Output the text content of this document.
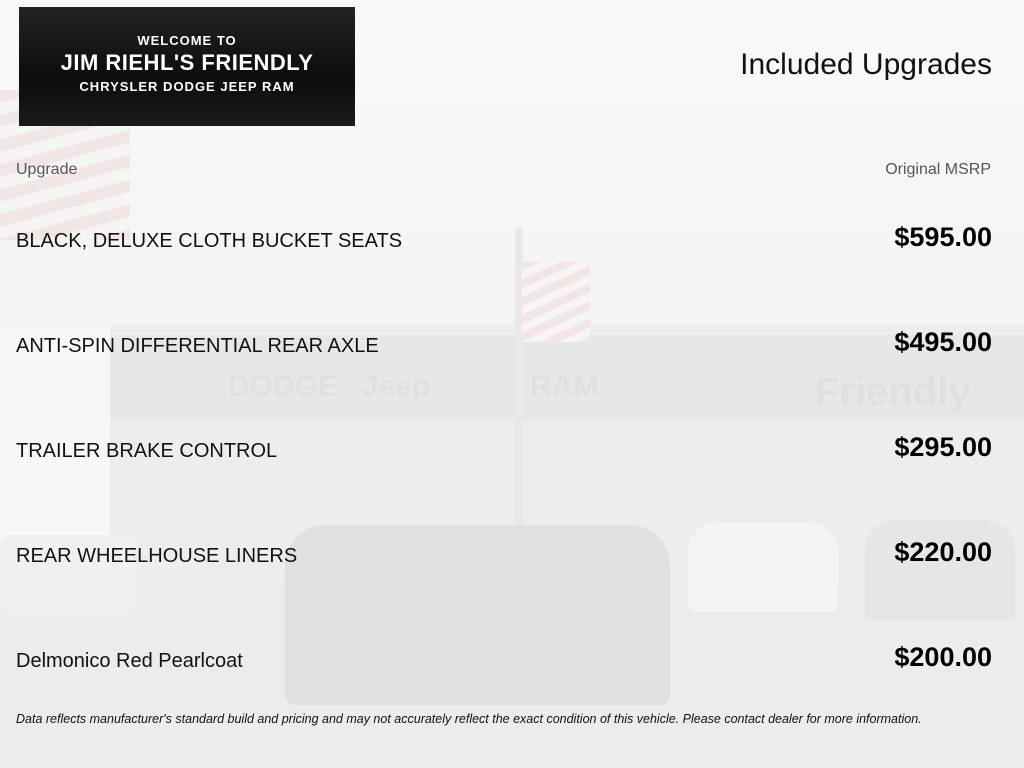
DODGE Jeep	RAM	Friendly
WELCOME TO
JIM RIEHL'S FRIENDLY
CHRYSLER DODGE JEEP RAM
Included Upgrades
Upgrade	Original MSRP
BLACK, DELUXE CLOTH BUCKET SEATS	$595.00
ANTI-SPIN DIFFERENTIAL REAR AXLE	$495.00
TRAILER BRAKE CONTROL	$295.00
REAR WHEELHOUSE LINERS	$220.00
Delmonico Red Pearlcoat	$200.00
Data reflects manufacturer's standard build and pricing and may not accurately reflect the exact condition of this vehicle. Please contact dealer for more information.
